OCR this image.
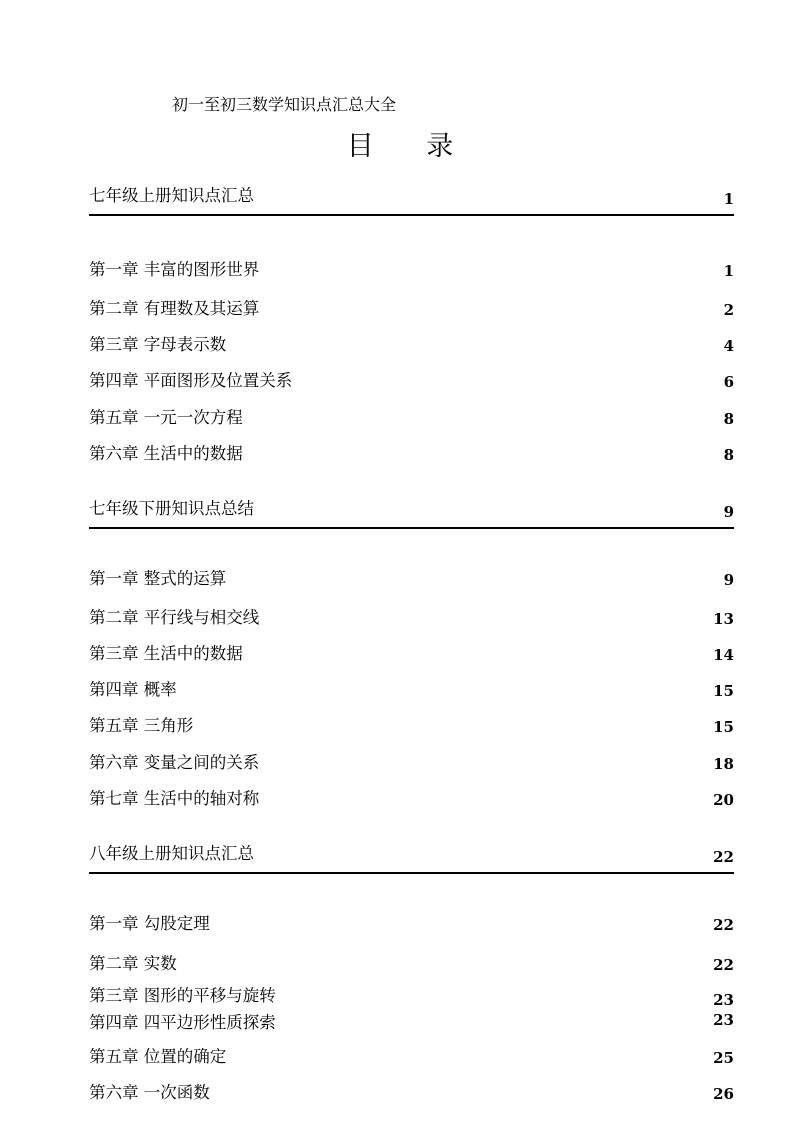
初一至初三数学知识点汇总大全
目 录
七年级上册知识点汇总	1
第一章 丰富的图形世界	1
第二章 有理数及其运算	2
第三章 字母表示数	4
第四章 平面图形及位置关系	6
第五章 一元一次方程	8
第六章 生活中的数据	8
七年级下册知识点总结	9
第一章 整式的运算	9
第二章 平行线与相交线	13
第三章 生活中的数据	14
第四章 概率	15
第五章 三角形	15
第六章 变量之间的关系	18
第七章 生活中的轴对称	20
八年级上册知识点汇总	22
第一章 勾股定理	22
第二章 实数	22
第三章 图形的平移与旋转	23
第四章 四平边形性质探索	23
第五章 位置的确定	25
第六章 一次函数	26
